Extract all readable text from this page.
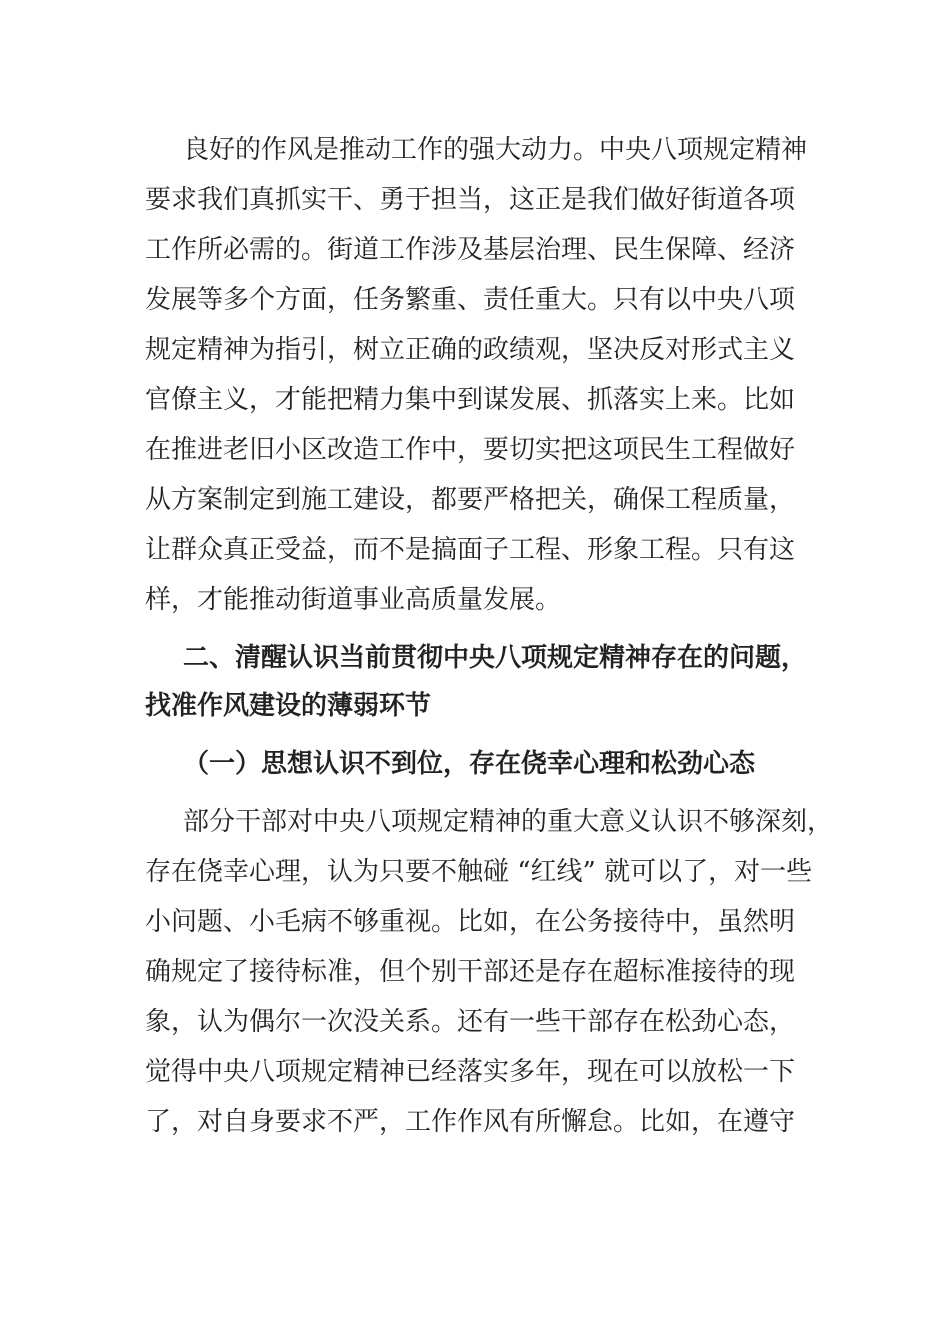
良好的作风是推动工作的强大动力。中央八项规定精神
要求我们真抓实干、勇于担当，这正是我们做好街道各项
工作所必需的。街道工作涉及基层治理、民生保障、经济
发展等多个方面，任务繁重、责任重大。只有以中央八项
规定精神为指引，树立正确的政绩观，坚决反对形式主义
官僚主义，才能把精力集中到谋发展、抓落实上来。比如
在推进老旧小区改造工作中，要切实把这项民生工程做好
从方案制定到施工建设，都要严格把关，确保工程质量，
让群众真正受益，而不是搞面子工程、形象工程。只有这
样，才能推动街道事业高质量发展。
二、清醒认识当前贯彻中央八项规定精神存在的问题，
找准作风建设的薄弱环节
（一）思想认识不到位，存在侥幸心理和松劲心态
部分干部对中央八项规定精神的重大意义认识不够深刻，
存在侥幸心理，认为只要不触碰 “红线” 就可以了，对一些
小问题、小毛病不够重视。比如，在公务接待中，虽然明
确规定了接待标准，但个别干部还是存在超标准接待的现
象，认为偶尔一次没关系。还有一些干部存在松劲心态，
觉得中央八项规定精神已经落实多年，现在可以放松一下
了，对自身要求不严，工作作风有所懈怠。比如，在遵守
